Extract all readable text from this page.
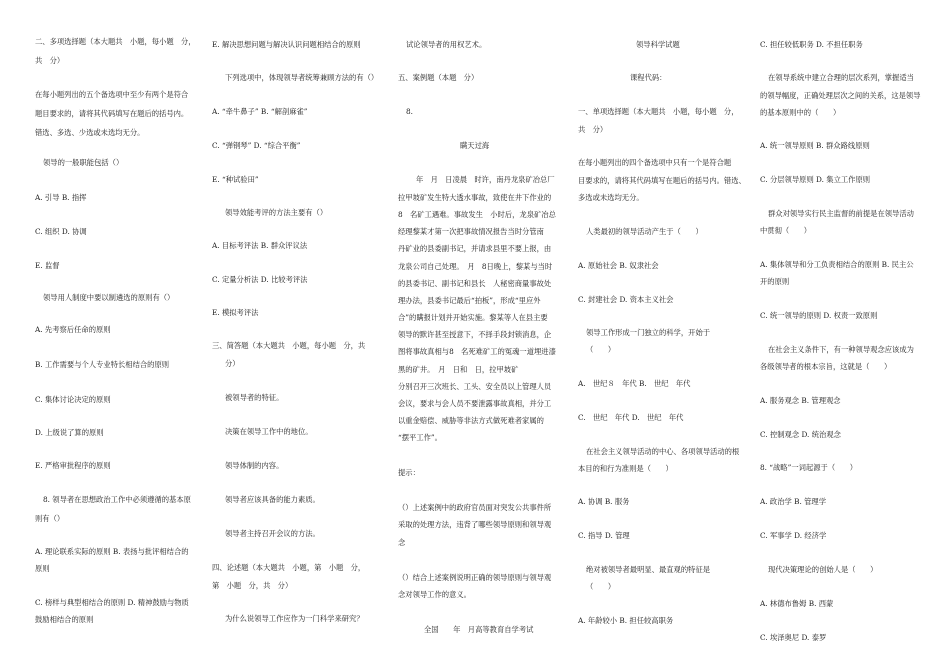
二、多项选择题（本大题共　小题，每小题　分，
共　分）
在每小题列出的五个备选项中至少有两个是符合
题目要求的，请将其代码填写在题后的括号内。
错选、多选、少选或未选均无分。
领导的一般职能包括（）
A. 引导 B. 指挥
C. 组织 D. 协调
E. 监督
领导用人制度中要以制遴选的原则有（）
A. 先考察后任命的原则
B. 工作需要与个人专业特长相结合的原则
C. 集体讨论决定的原则
D. 上级说了算的原则
E. 严格审批程序的原则
8. 领导者在思想政治工作中必须遵循的基本原
则有（）
A. 理论联系实际的原则 B. 表扬与批评相结合的
原则
C. 榜样与典型相结合的原则 D. 精神鼓励与物质
鼓励相结合的原则
E. 解决思想问题与解决认识问题相结合的原则
下列选项中，体现领导者统筹兼顾方法的有（）
A. “牵牛鼻子” B. “解剖麻雀”
C. “弹钢琴” D. “综合平衡”
E. “种试验田”
领导效能考评的方法主要有（）
A. 目标考评法 B. 群众评议法
C. 定量分析法 D. 比较考评法
E. 模拟考评法
三、简答题（本大题共　小题，每小题　分，共
分）
被领导者的特征。
决策在领导工作中的地位。
领导体制的内容。
领导者应该具备的能力素质。
领导者主持召开会议的方法。
四、论述题（本大题共　小题，第　小题　分，
第　小题　分，共　分）
为什么说领导工作应作为一门科学来研究？
试论领导者的用权艺术。
五、案例题（本题　分）
8.
瞒天过海
年　月　日凌晨　时许，南丹龙泉矿冶总厂
拉甲坡矿发生特大透水事故，致使在井下作业的
8　名矿工遇难。事故发生　小时后，龙泉矿冶总
经理黎某才第一次把事故情况报告当时分管南
丹矿业的县委副书记，并请求县里不要上报，由
龙泉公司自己处理。　月　8日晚上，黎某与当时
的县委书记、副书记和县长　人秘密商量事故处
理办法，县委书记最后“拍板”，形成“里应外
合”的瞒报计划并开始实施。黎某等人在县主要
领导的默许甚至授意下，不择手段封锁消息，企
图将事故真相与8　名死难矿工的冤魂一道埋进漆
黑的矿井。　月　日和　日，拉甲坡矿
分别召开三次班长、工头、安全员以上管理人员
会议，要求与会人员不要泄露事故真相，并分工
以重金赔偿、威胁等非法方式做死难者家属的
“摆平工作”。
提示：
（）上述案例中的政府官员面对突发公共事件所
采取的处理方法，违背了哪些领导原则和领导观
念
（）结合上述案例说明正确的领导原则与领导观
念对领导工作的意义。
全国　　年　月高等教育自学考试
领导科学试题
课程代码：
一、单项选择题（本大题共　小题，每小题　分，
共　分）
在每小题列出的四个备选项中只有一个是符合题
目要求的，请将其代码填写在题后的括号内。错选、
多选或未选均无分。
人类最初的领导活动产生于（　　）
A. 原始社会 B. 奴隶社会
C. 封建社会 D. 资本主义社会
领导工作形成一门独立的科学，开始于
（　　）
A.　世纪８　年代 B.　世纪　年代
C.　世纪　年代 D.　世纪　年代
在社会主义领导活动的中心、各项领导活动的根
本目的和行为准则是（　　）
A. 协调 B. 服务
C. 指导 D. 管理
绝对被领导者最明显、最直观的特征是
（　　）
A. 年龄较小 B. 担任较高职务
C. 担任较低职务 D. 不担任职务
在领导系统中建立合理的层次系列，掌握适当
的领导幅度，正确处理层次之间的关系，这是领导
的基本原则中的（　　）
A. 统一领导原则 B. 群众路线原则
C. 分层领导原则 D. 集立工作原则
群众对领导实行民主监督的前提是在领导活动
中贯彻（　　）
A. 集体领导和分工负责相结合的原则 B. 民主公
开的原则
C. 统一领导的原则 D. 权责一致原则
在社会主义条件下，有一种领导观念应该成为
各级领导者的根本宗旨，这就是（　　）
A. 服务观念 B. 管理观念
C. 控制观念 D. 统治观念
8. “战略”一词起源于（　　）
A. 政治学 B. 管理学
C. 军事学 D. 经济学
现代决策理论的创始人是（　　）
A. 林德布鲁姆 B. 西蒙
C. 埃泽奥尼 D. 泰罗
